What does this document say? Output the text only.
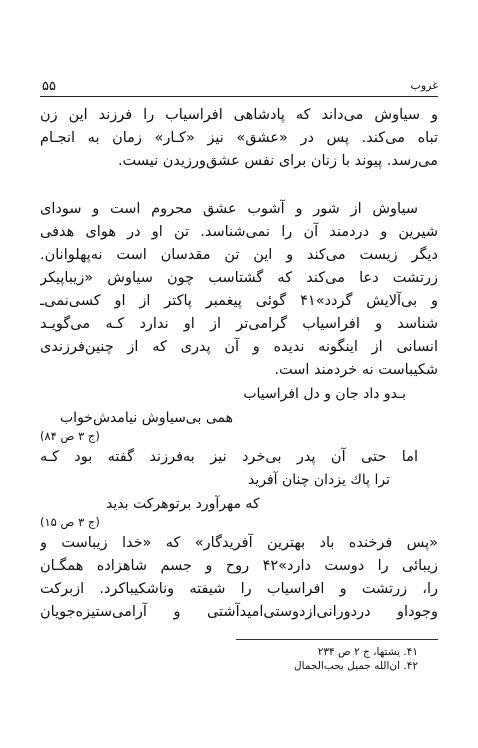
غروب
۵۵
و سیاوش می‌داند که پادشاهی افراسیاب را فرزند این زن
تباه می‌کند. پس در «عشق» نیز «کـار» زمان به انجـام
می‌رسد. پیوند با زنان برای نفس عشق‌ورزیدن نیست.
سیاوش از شور و آشوب عشق محروم است و سودای
شیرین و دردمند آن را نمی‌شناسد. تن او در هوای هدفی
دیگر زیست می‌کند و این تن مقدسان است نه‌پهلوانان.
زرتشت دعا می‌کند که گشتاسب چون سیاوش «زیباپیکر
و بی‌آلایش گردد»۴۱ گوئی پیغمبر پاکتر از او کسی‌نمی‌ـ
شناسد و افراسیاب گرامی‌تر از او ندارد کـه می‌گویـد
انسانی از اینگونه ندیده و آن پدری که از چنین‌فرزندی
شکیباست نه خردمند است.
بـدو داد جان و دل افراسیاب
همی بی‌سیاوش نیامدش‌خواب
(ج ۳ ص ۸۴)
اما حتی آن پدر بی‌خرد نیز به‌فرزند گفته بود کـه
ترا پاك یزدان چنان آفرید
که مهرآورد برتوهرکت بدید
(ج ۳ ص ۱۵)
«پس فرخنده باد بهترین آفریدگار» که «خدا زیباست و
زیبائی را دوست دارد»۴۲ روح و جسم شاهزاده همگـان
را، زرتشت و افراسیاب را شیفته وناشکیباکرد. ازبرکت
وجودا‌و دردورانی‌ازدوستی‌امیدآشتی و آرامی‌ستیزه‌جویان
۴۱. یشتها، ج ۲ ص ۲۳۴
۴۲. ان‌الله جمیل یحب‌الجمال
